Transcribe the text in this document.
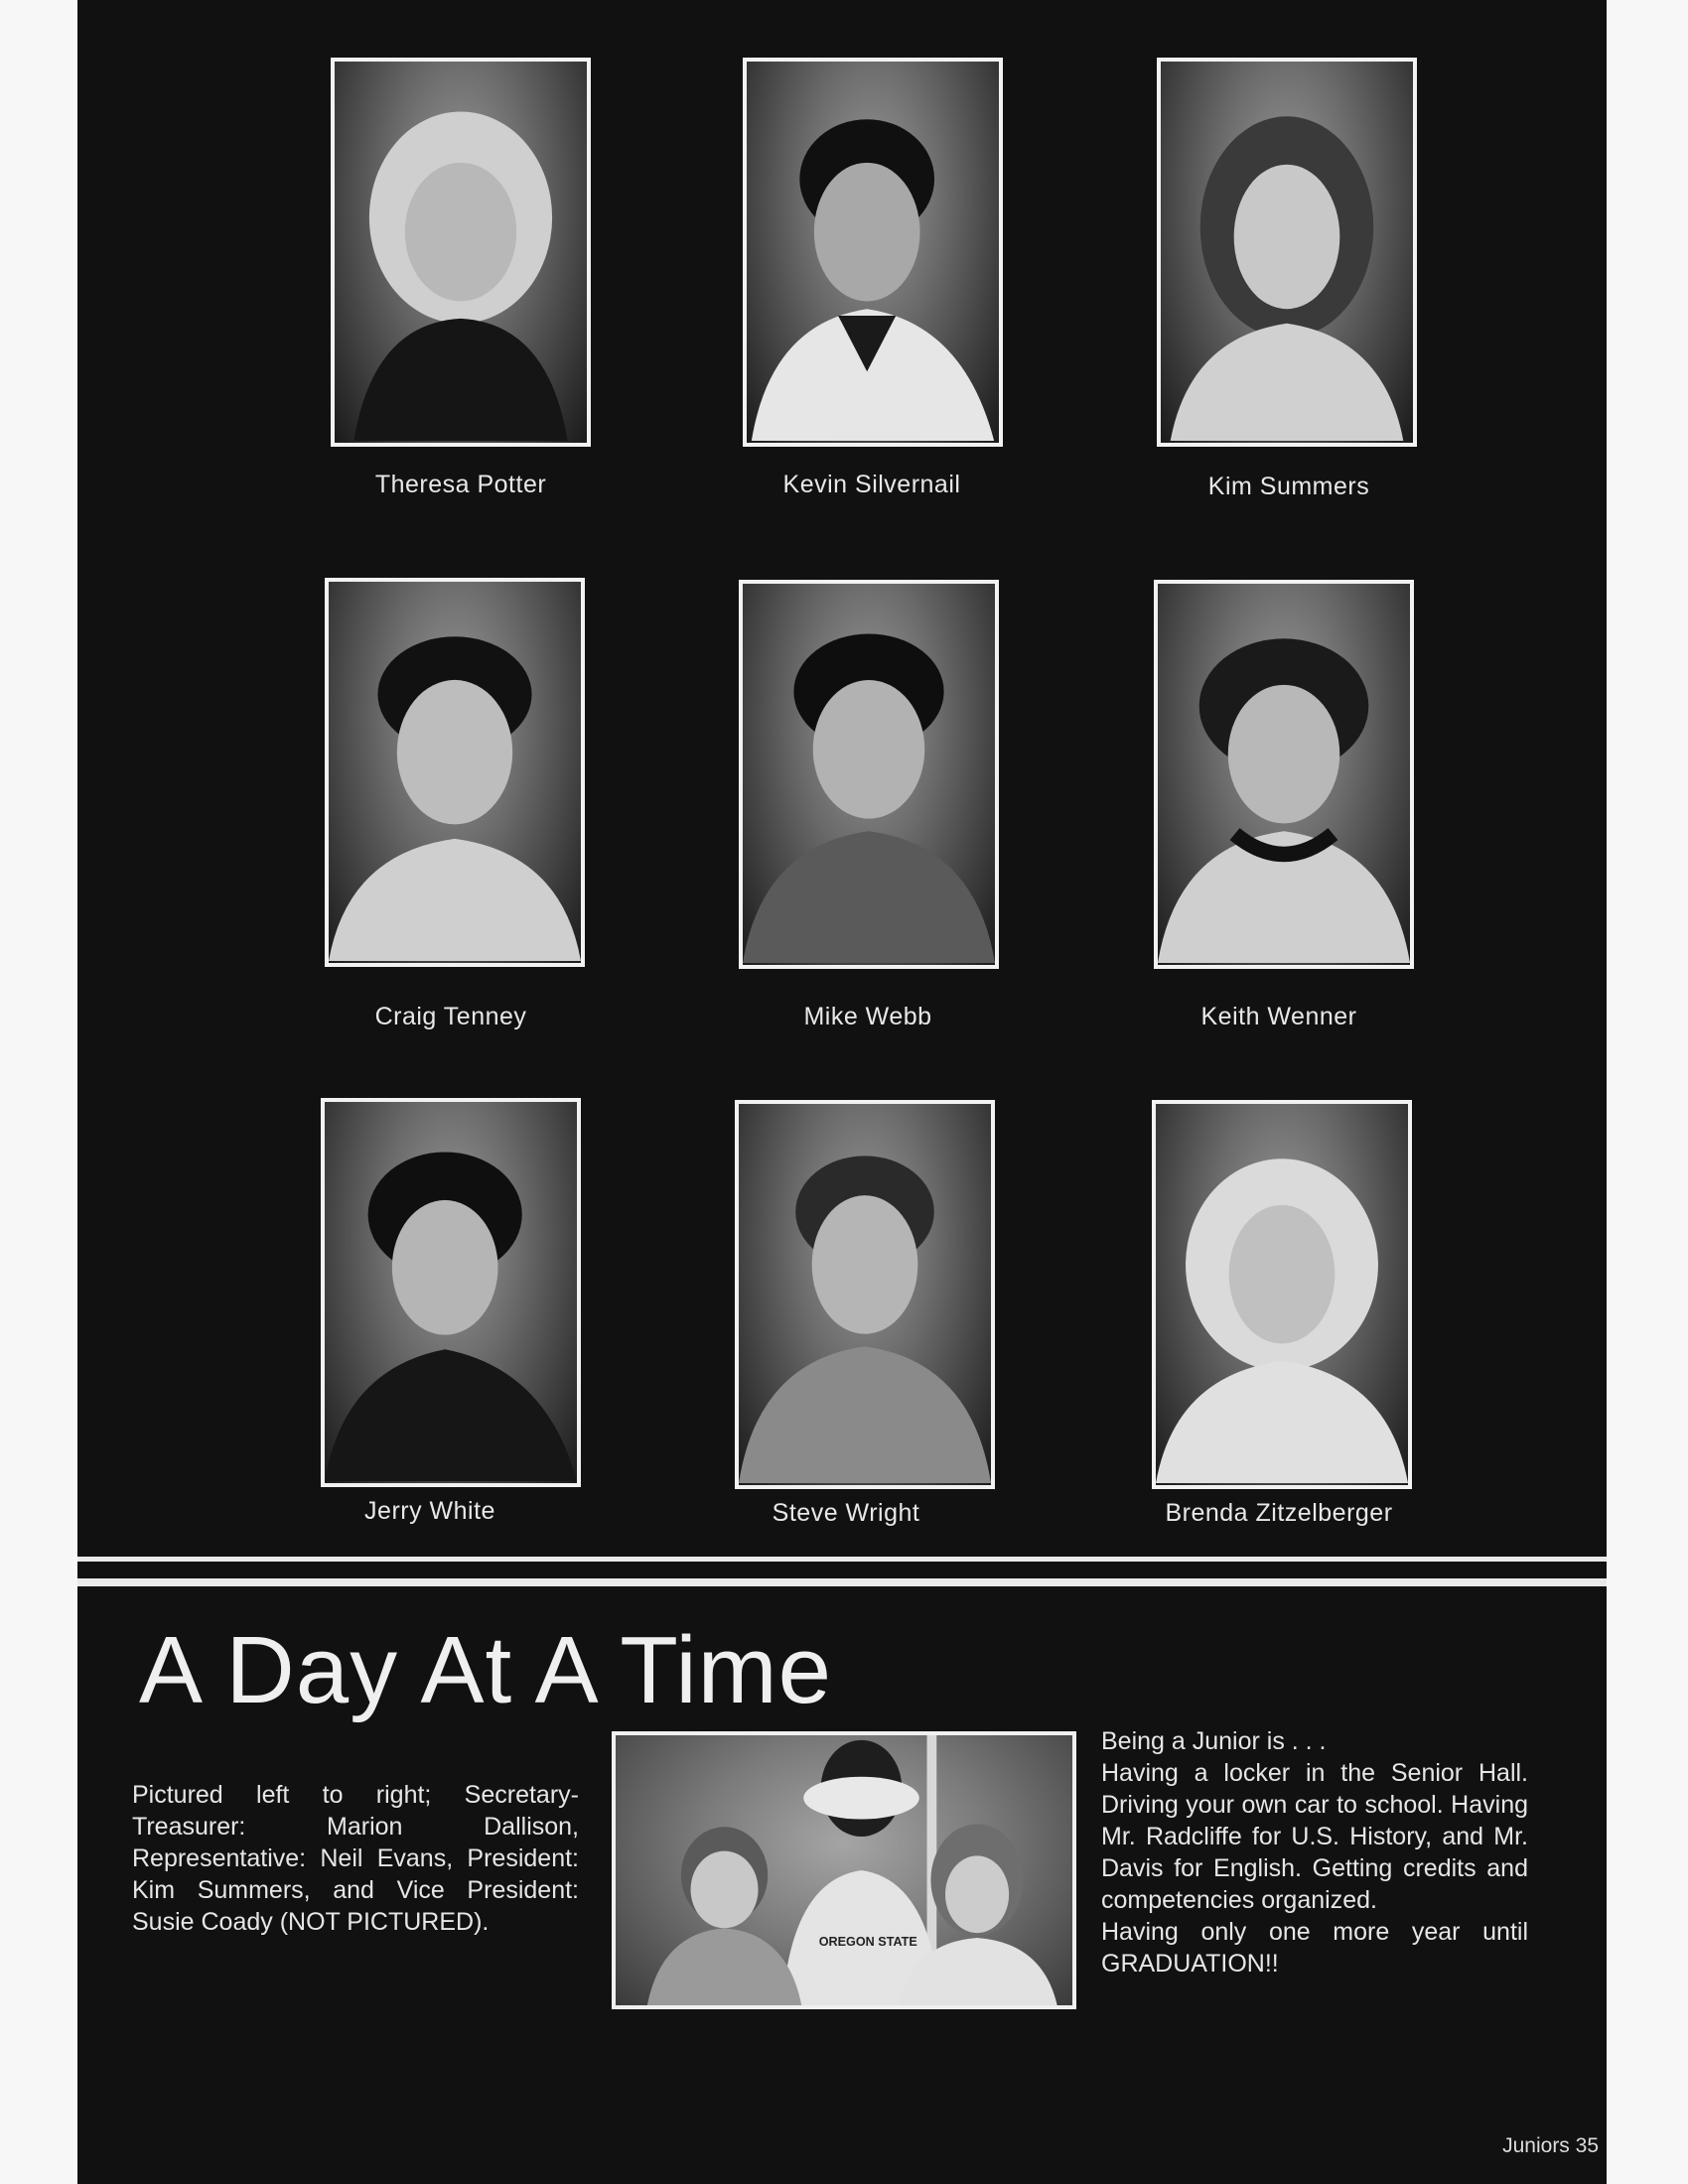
Theresa Potter	Kevin Silvernail	Kim Summers
Craig Tenney	Mike Webb	Keith Wenner
Jerry White	Steve Wright	Brenda Zitzelberger
A Day At A Time
Pictured left to right; Secretary-Treasurer: Marion Dallison, Representative: Neil Evans, President: Kim Summers, and Vice President: Susie Coady (NOT PICTURED).
OREGON STATE

Being a Junior is . . .

Having a locker in the Senior Hall. Driving your own car to school. Having Mr. Radcliffe for U.S. History, and Mr. Davis for English. Getting credits and competencies organized.

Having only one more year until GRADUATION!!

Juniors 35
